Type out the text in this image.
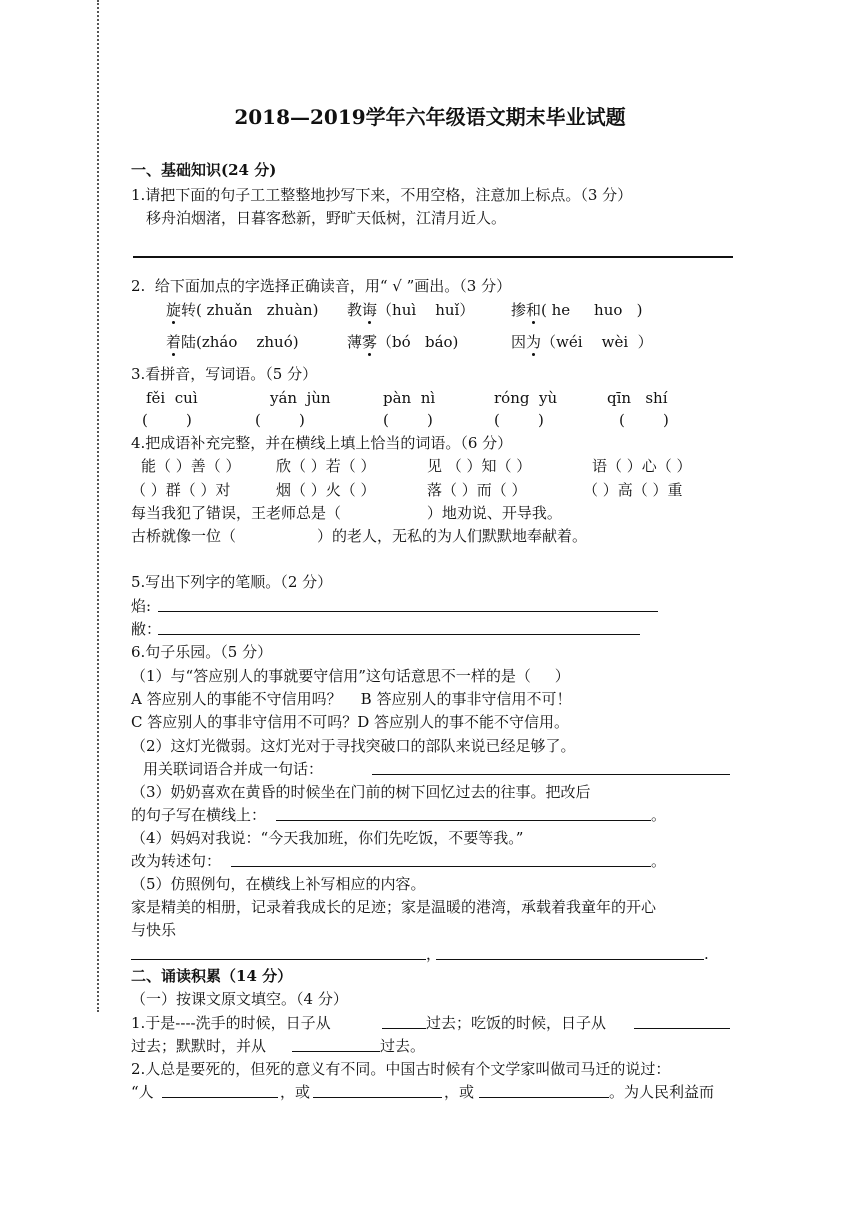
2018—2019学年六年级语文期末毕业试题
一、基础知识(24 分)
1.请把下面的句子工工整整地抄写下来，不用空格，注意加上标点。（3 分）
移舟泊烟渚，日暮客愁新，野旷天低树，江清月近人。
2.  给下面加点的字选择正确读音，用“ √ ”画出。（3 分）
旋转( zhuǎn   zhuàn) 教诲（huì    huǐ） 掺和( he     huo   )
着陆(zháo    zhuó)	薄雾（bó   báo)	因为（wéi    wèi  ）
3.看拼音，写词语。（5 分）
fěi  cuì	yán  jùn	pàn  nì	róng  yù	qīn   shí
(        )	(        )	(        )	(        )	(        )
4.把成语补充完整，并在横线上填上恰当的词语。（6 分）
能（ ）善（ ） 欣（ ）若（ ）	见 （ ）知（ ）	语（ ）心（ ）
（ ）群（ ）对	烟（ ）火（ ）	落（ ）而（ ）	（ ）高（ ）重
每当我犯了错误，王老师总是（                  ）地劝说、开导我。
古桥就像一位（                 ）的老人，无私的为人们默默地奉献着。
5.写出下列字的笔顺。（2 分）
焰:
敝：
6.句子乐园。（5 分）
（1）与“答应别人的事就要守信用”这句话意思不一样的是（     ）
A 答应别人的事能不守信用吗？    B 答应别人的事非守信用不可！
C 答应别人的事非守信用不可吗？D 答应别人的事不能不守信用。
（2）这灯光微弱。这灯光对于寻找突破口的部队来说已经足够了。
用关联词语合并成一句话：
（3）奶奶喜欢在黄昏的时候坐在门前的树下回忆过去的往事。把改后
的句子写在横线上：	。
（4）妈妈对我说：“今天我加班，你们先吃饭，不要等我。”
改为转述句：	。
（5）仿照例句，在横线上补写相应的内容。
家是精美的相册，记录着我成长的足迹；家是温暖的港湾，承载着我童年的开心
与快乐
，	.
二、诵读积累（14 分）
（一）按课文原文填空。（4 分）
1.于是----洗手的时候，日子从	过去；吃饭的时候，日子从
过去；默默时，并从	过去。
2.人总是要死的，但死的意义有不同。中国古时候有个文学家叫做司马迁的说过：
“人	，或	，或	。为人民利益而
